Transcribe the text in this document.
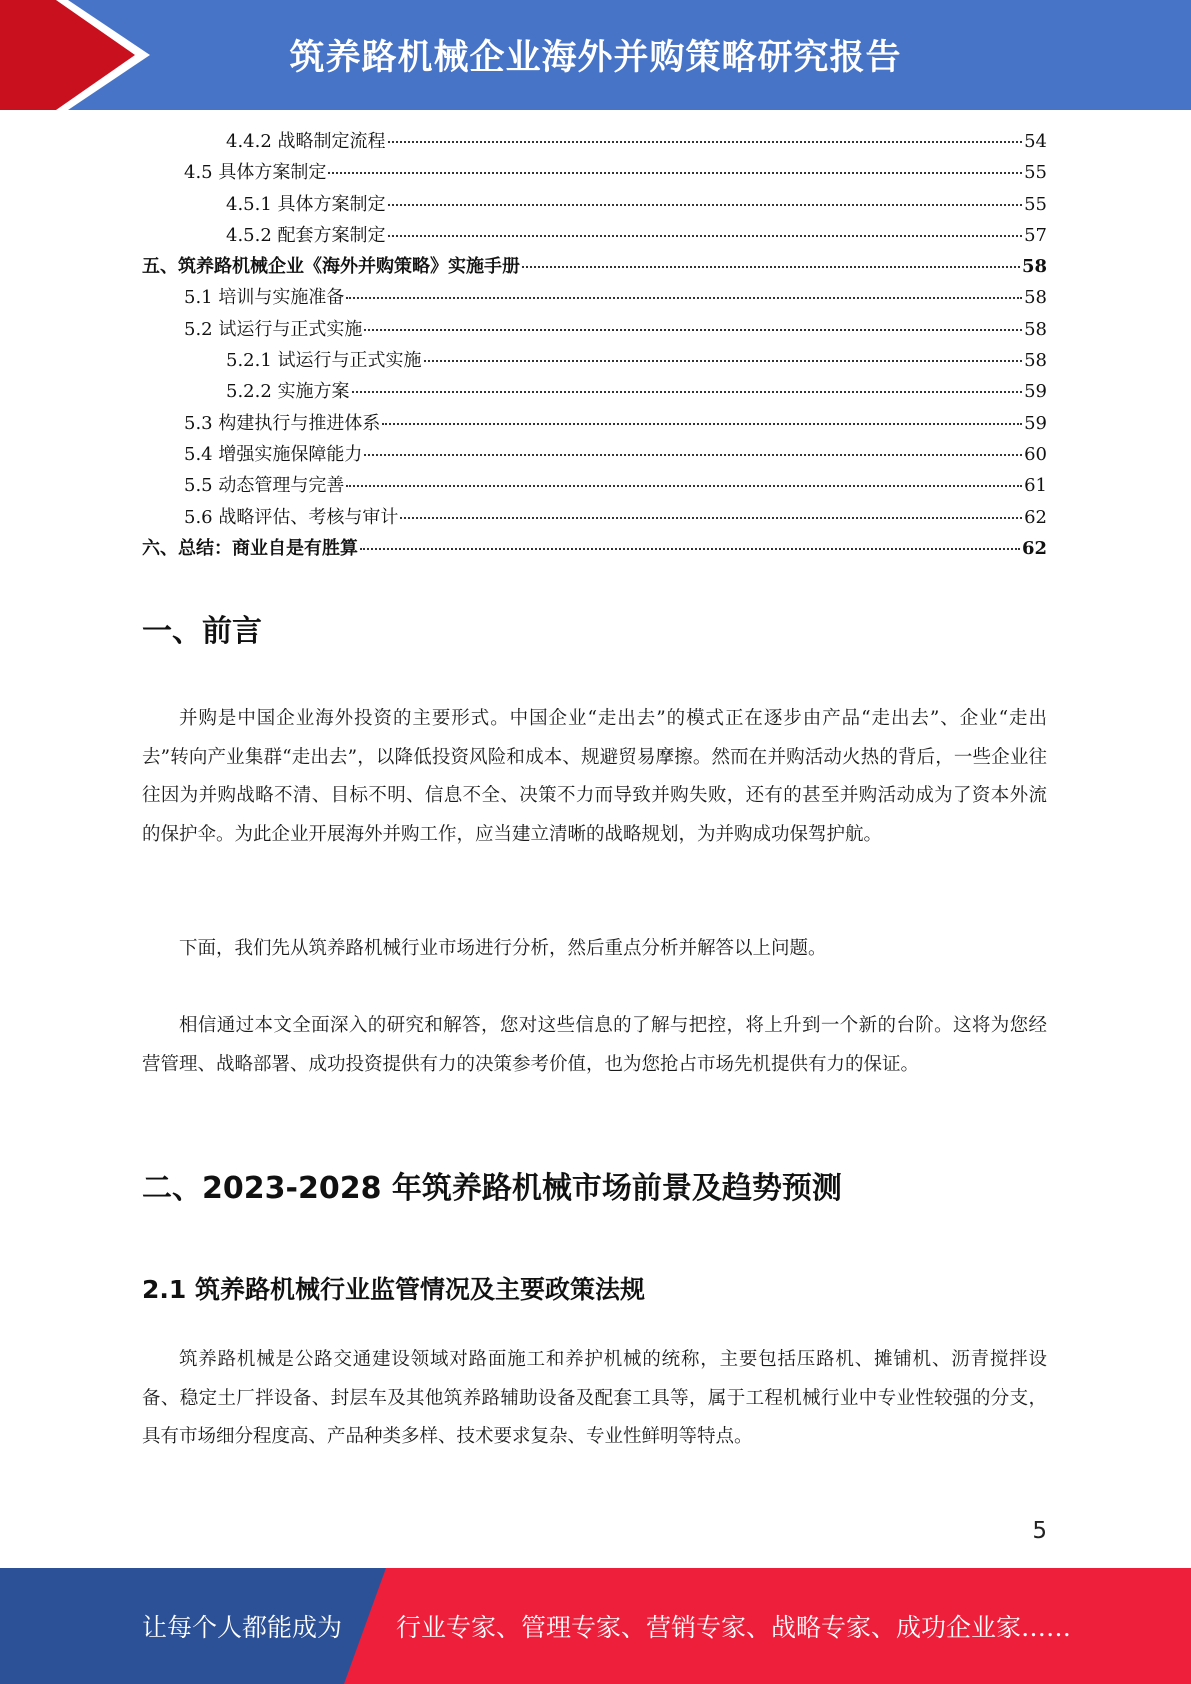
筑养路机械企业海外并购策略研究报告
4.4.2 战略制定流程	54
4.5 具体方案制定	55
4.5.1 具体方案制定	55
4.5.2 配套方案制定	57
五、筑养路机械企业《海外并购策略》实施手册	58
5.1 培训与实施准备	58
5.2 试运行与正式实施	58
5.2.1 试运行与正式实施	58
5.2.2 实施方案	59
5.3 构建执行与推进体系	59
5.4 增强实施保障能力	60
5.5 动态管理与完善	61
5.6 战略评估、考核与审计	62
六、总结：商业自是有胜算	62
一、前言

并购是中国企业海外投资的主要形式。中国企业“走出去”的模式正在逐步由产品“走出去”、企业“走出去”转向产业集群“走出去”，以降低投资风险和成本、规避贸易摩擦。然而在并购活动火热的背后，一些企业往往因为并购战略不清、目标不明、信息不全、决策不力而导致并购失败，还有的甚至并购活动成为了资本外流的保护伞。为此企业开展海外并购工作，应当建立清晰的战略规划，为并购成功保驾护航。

下面，我们先从筑养路机械行业市场进行分析，然后重点分析并解答以上问题。

相信通过本文全面深入的研究和解答，您对这些信息的了解与把控，将上升到一个新的台阶。这将为您经营管理、战略部署、成功投资提供有力的决策参考价值，也为您抢占市场先机提供有力的保证。

二、2023-2028 年筑养路机械市场前景及趋势预测
2.1 筑养路机械行业监管情况及主要政策法规

筑养路机械是公路交通建设领域对路面施工和养护机械的统称，主要包括压路机、摊铺机、沥青搅拌设备、稳定土厂拌设备、封层车及其他筑养路辅助设备及配套工具等，属于工程机械行业中专业性较强的分支，具有市场细分程度高、产品种类多样、技术要求复杂、专业性鲜明等特点。

5
让每个人都能成为 行业专家、管理专家、营销专家、战略专家、成功企业家……
